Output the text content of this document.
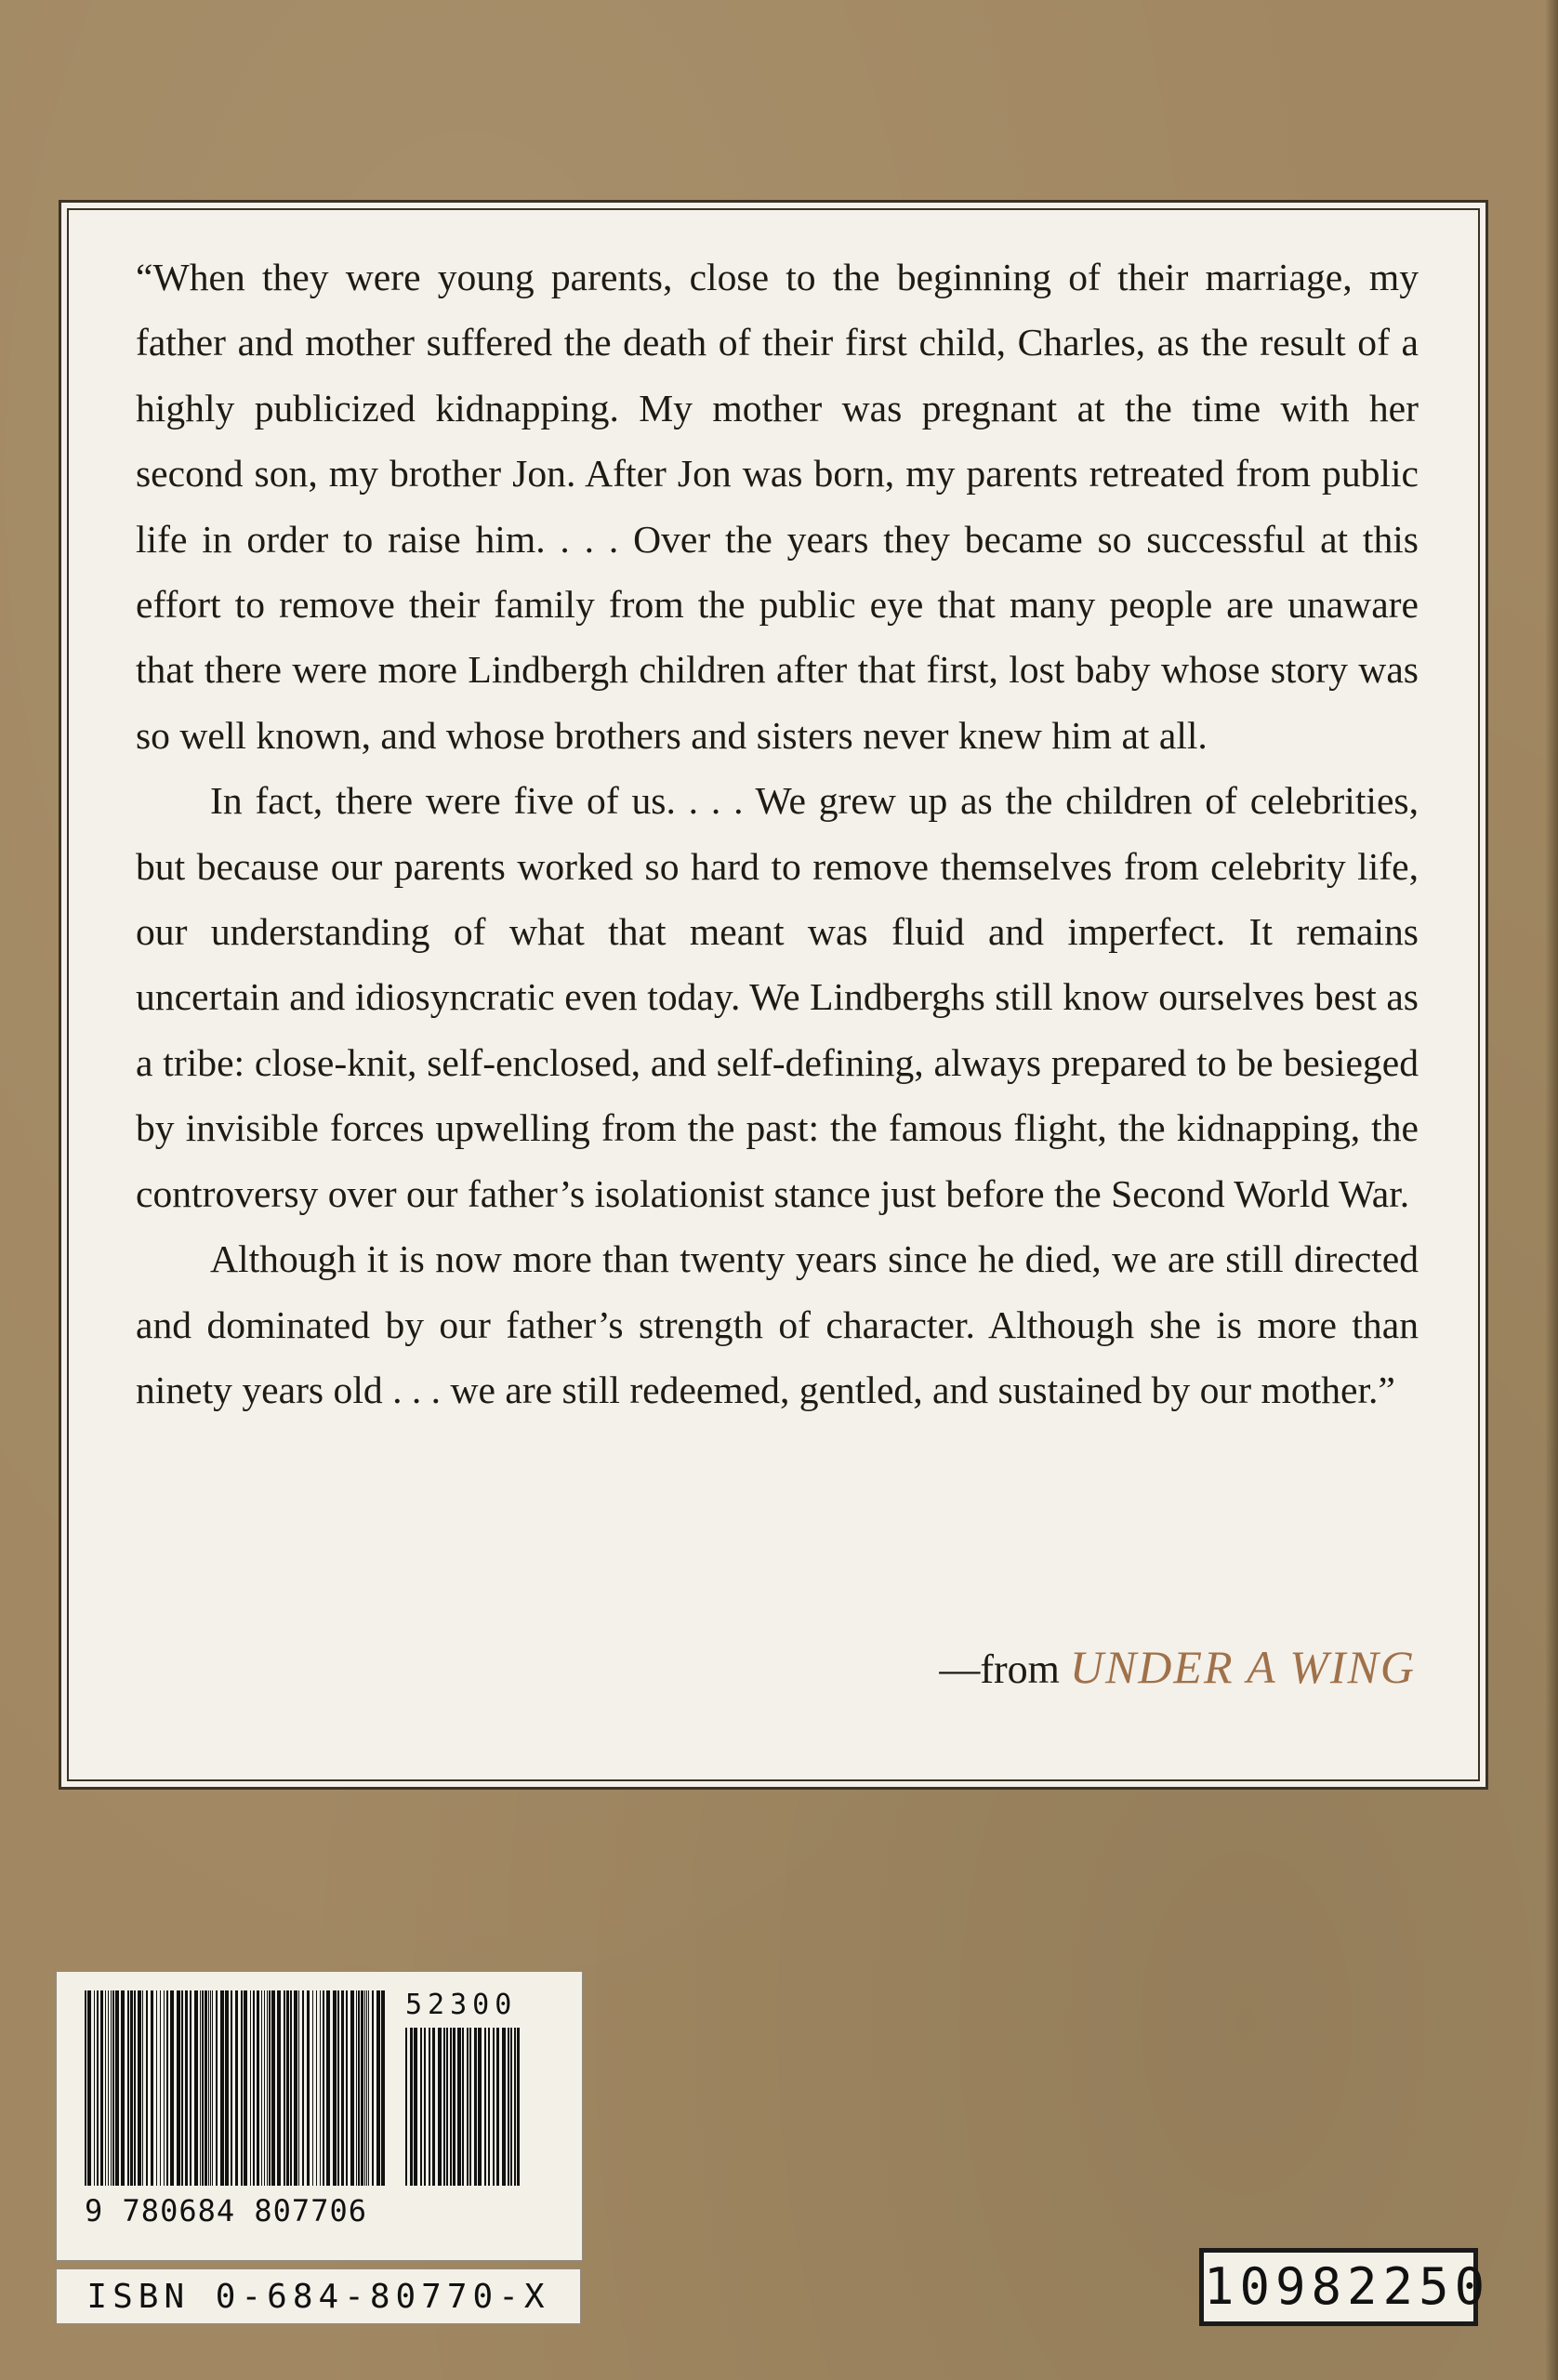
“When they were young parents, close to the beginning of their marriage, my father and mother suffered the death of their first child, Charles, as the result of a highly publicized kidnapping. My mother was pregnant at the time with her second son, my brother Jon. After Jon was born, my parents retreated from public life in order to raise him. . . . Over the years they became so successful at this effort to remove their family from the public eye that many people are unaware that there were more Lindbergh children after that first, lost baby whose story was so well known, and whose brothers and sisters never knew him at all.

In fact, there were five of us. . . . We grew up as the children of celebrities, but because our parents worked so hard to remove themselves from celebrity life, our understanding of what that meant was fluid and imperfect. It remains uncertain and idiosyncratic even today. We Lindberghs still know ourselves best as a tribe: close-knit, self-enclosed, and self-defining, always prepared to be besieged by invisible forces upwelling from the past: the famous flight, the kidnapping, the controversy over our father’s isolationist stance just before the Second World War.

Although it is now more than twenty years since he died, we are still directed and dominated by our father’s strength of character. Although she is more than ninety years old . . . we are still redeemed, gentled, and sustained by our mother.”

—from UNDER A WING
52300
9 780684 807706
ISBN 0-684-80770-X	10982250
